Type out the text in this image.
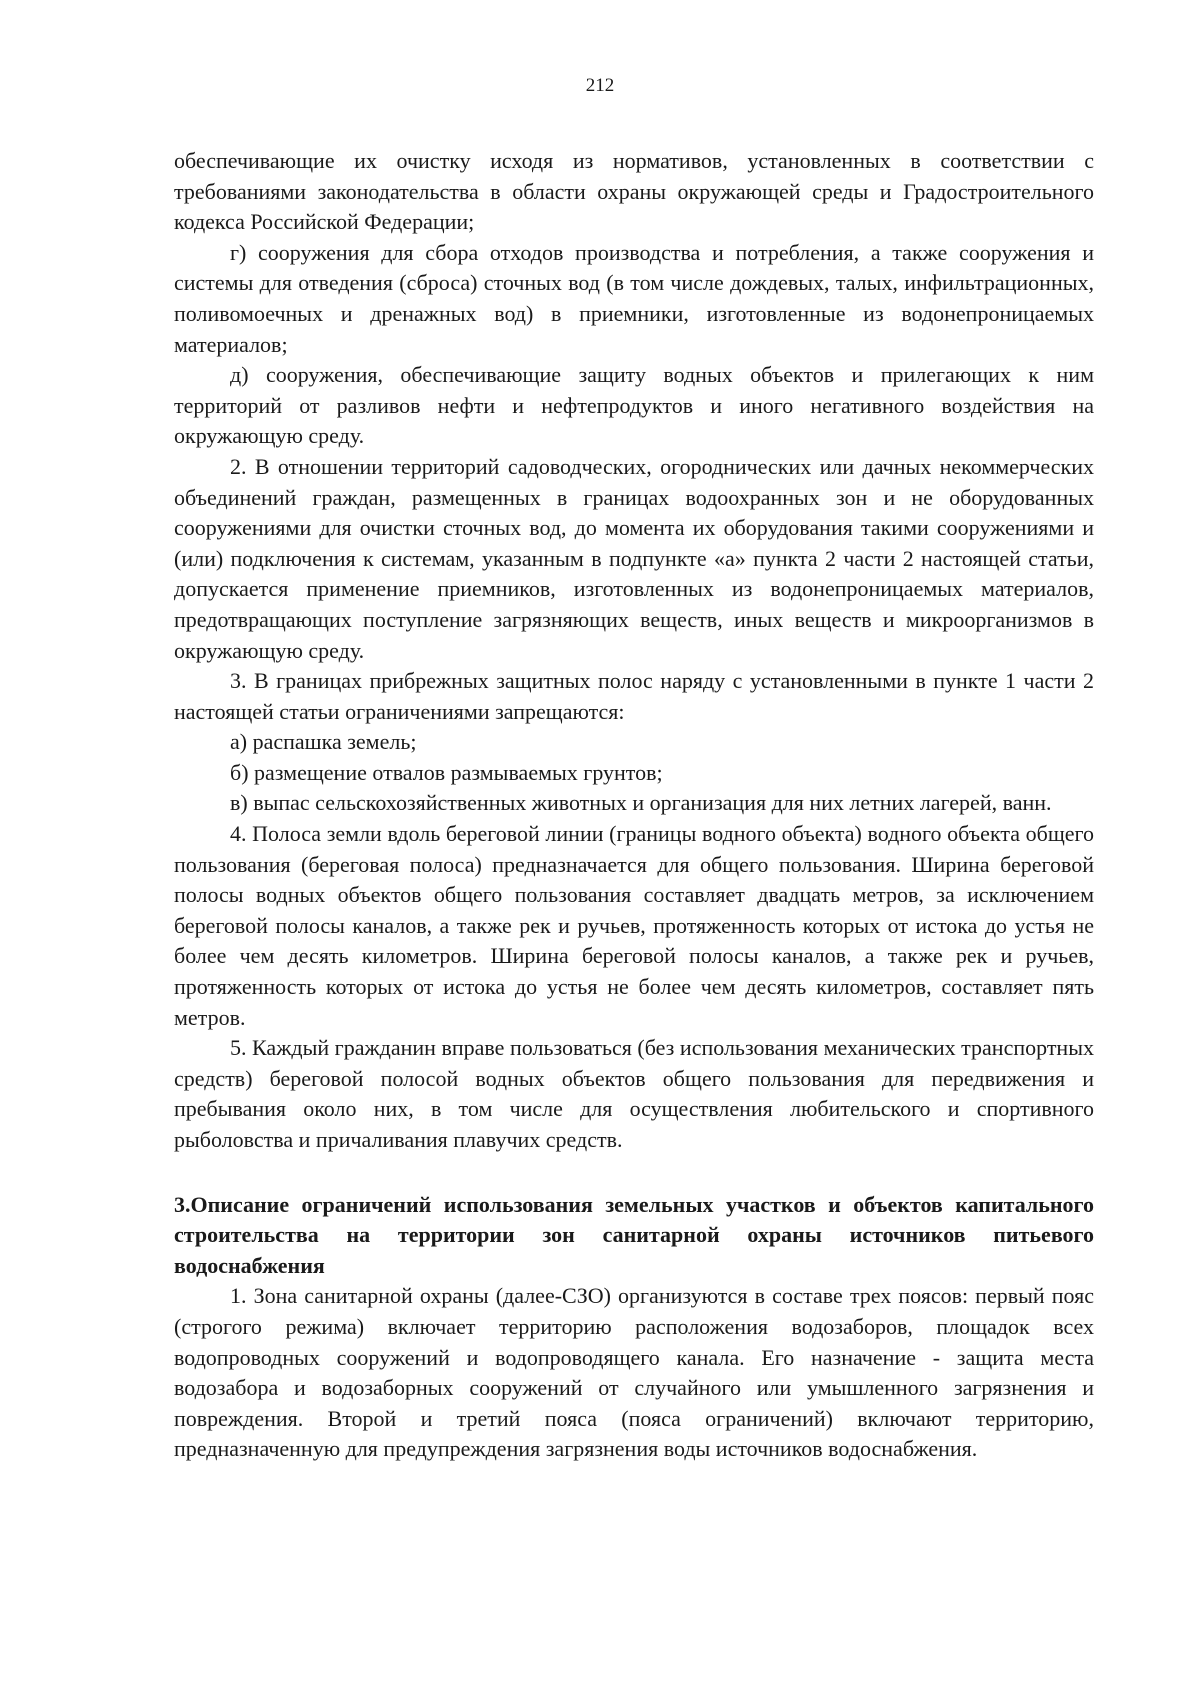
212

обеспечивающие их очистку исходя из нормативов, установленных в соответствии с требованиями законодательства в области охраны окружающей среды и Градостроительного кодекса Российской Федерации;

г) сооружения для сбора отходов производства и потребления, а также сооружения и системы для отведения (сброса) сточных вод (в том числе дождевых, талых, инфильтрационных, поливомоечных и дренажных вод) в приемники, изготовленные из водонепроницаемых материалов;

д) сооружения, обеспечивающие защиту водных объектов и прилегающих к ним территорий от разливов нефти и нефтепродуктов и иного негативного воздействия на окружающую среду.

2. В отношении территорий садоводческих, огороднических или дачных некоммерческих объединений граждан, размещенных в границах водоохранных зон и не оборудованных сооружениями для очистки сточных вод, до момента их оборудования такими сооружениями и (или) подключения к системам, указанным в подпункте «а» пункта 2 части 2 настоящей статьи, допускается применение приемников, изготовленных из водонепроницаемых материалов, предотвращающих поступление загрязняющих веществ, иных веществ и микроорганизмов в окружающую среду.

3. В границах прибрежных защитных полос наряду с установленными в пункте 1 части 2 настоящей статьи ограничениями запрещаются:

а) распашка земель;

б) размещение отвалов размываемых грунтов;

в) выпас сельскохозяйственных животных и организация для них летних лагерей, ванн.

4. Полоса земли вдоль береговой линии (границы водного объекта) водного объекта общего пользования (береговая полоса) предназначается для общего пользования. Ширина береговой полосы водных объектов общего пользования составляет двадцать метров, за исключением береговой полосы каналов, а также рек и ручьев, протяженность которых от истока до устья не более чем десять километров. Ширина береговой полосы каналов, а также рек и ручьев, протяженность которых от истока до устья не более чем десять километров, составляет пять метров.

5. Каждый гражданин вправе пользоваться (без использования механических транспортных средств) береговой полосой водных объектов общего пользования для передвижения и пребывания около них, в том числе для осуществления любительского и спортивного рыболовства и причаливания плавучих средств.

3.Описание ограничений использования земельных участков и объектов капитального строительства на территории зон санитарной охраны источников питьевого водоснабжения

1. Зона санитарной охраны (далее-СЗО) организуются в составе трех поясов: первый пояс (строгого режима) включает территорию расположения водозаборов, площадок всех водопроводных сооружений и водопроводящего канала. Его назначение - защита места водозабора и водозаборных сооружений от случайного или умышленного загрязнения и повреждения. Второй и третий пояса (пояса ограничений) включают территорию, предназначенную для предупреждения загрязнения воды источников водоснабжения.
